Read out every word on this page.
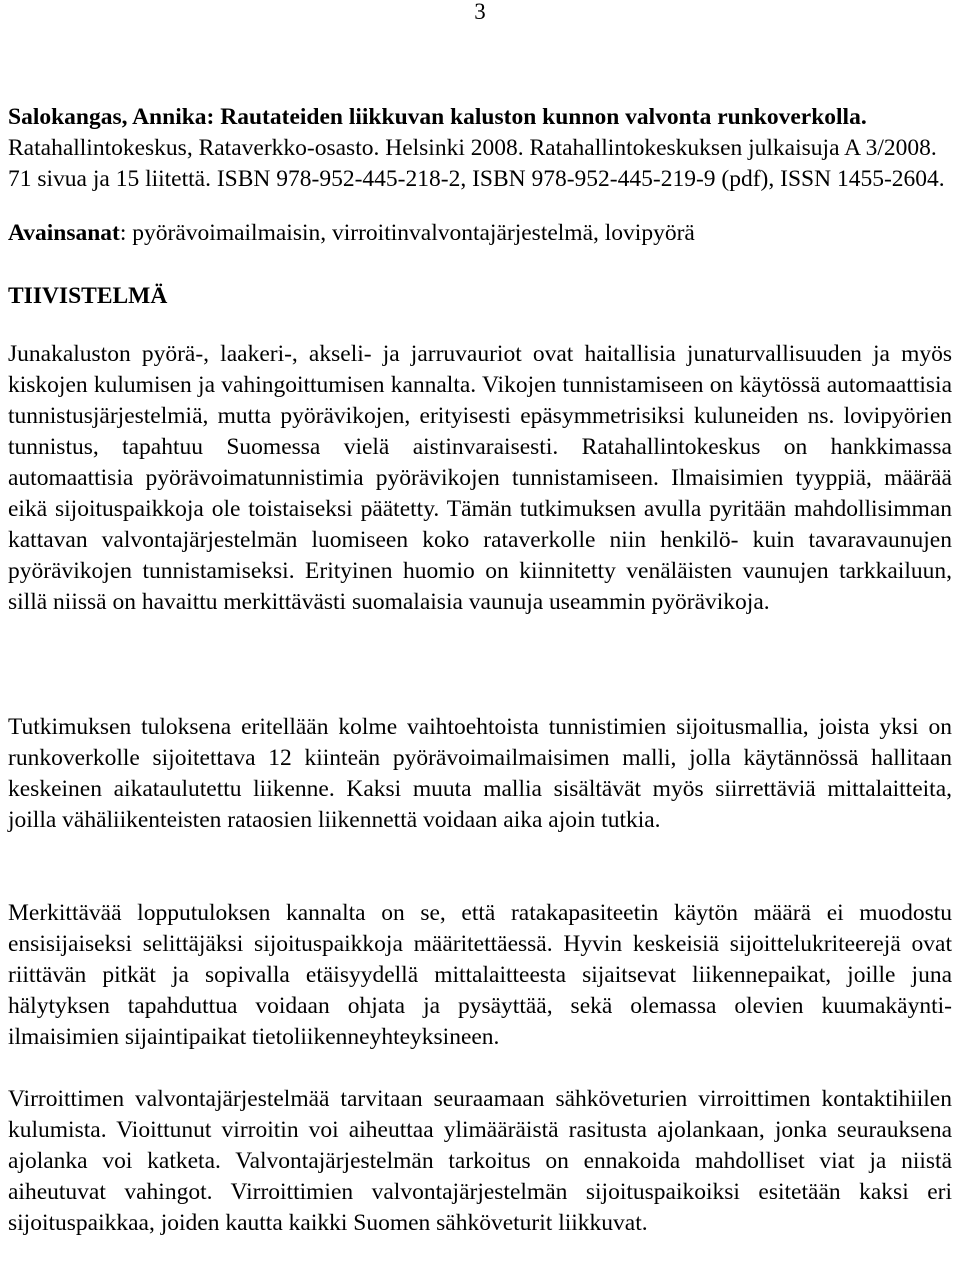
3
Salokangas, Annika: Rautateiden liikkuvan kaluston kunnon valvonta runkoverkolla. Ratahallintokeskus, Rataverkko-osasto. Helsinki 2008. Ratahallintokeskuksen julkaisuja A 3/2008. 71 sivua ja 15 liitettä. ISBN 978-952-445-218-2, ISBN 978-952-445-219-9 (pdf), ISSN 1455-2604.
Avainsanat: pyörävoimailmaisin, virroitinvalvontajärjestelmä, lovipyörä
TIIVISTELMÄ

Junakaluston pyörä-, laakeri-, akseli- ja jarruvauriot ovat haitallisia junaturvallisuuden ja myös kiskojen kulumisen ja vahingoittumisen kannalta. Vikojen tunnistamiseen on käytössä automaattisia tunnistusjärjestelmiä, mutta pyörävikojen, erityisesti epäsymmetrisiksi kuluneiden ns. lovipyörien tunnistus, tapahtuu Suomessa vielä aistinvaraisesti. Ratahallintokeskus on hankkimassa automaattisia pyörävoimatunnistimia pyörävikojen tunnistamiseen. Ilmaisimien tyyppiä, määrää eikä sijoituspaikkoja ole toistaiseksi päätetty. Tämän tutkimuksen avulla pyritään mahdollisimman kattavan valvontajärjestelmän luomiseen koko rataverkolle niin henkilö- kuin tavaravaunujen pyörävikojen tunnistamiseksi. Erityinen huomio on kiinnitetty venäläisten vaunujen tarkkailuun, sillä niissä on havaittu merkittävästi suomalaisia vaunuja useammin pyörävikoja.

Tutkimuksen tuloksena eritellään kolme vaihtoehtoista tunnistimien sijoitusmallia, joista yksi on runkoverkolle sijoitettava 12 kiinteän pyörävoimailmaisimen malli, jolla käytännössä hallitaan keskeinen aikataulutettu liikenne. Kaksi muuta mallia sisältävät myös siirrettäviä mittalaitteita, joilla vähäliikenteisten rataosien liikennettä voidaan aika ajoin tutkia.

Merkittävää lopputuloksen kannalta on se, että ratakapasiteetin käytön määrä ei muodostu ensisijaiseksi selittäjäksi sijoituspaikkoja määritettäessä. Hyvin keskeisiä sijoittelukriteerejä ovat riittävän pitkät ja sopivalla etäisyydellä mittalaitteesta sijaitsevat liikennepaikat, joille juna hälytyksen tapahduttua voidaan ohjata ja pysäyttää, sekä olemassa olevien kuumakäynti-ilmaisimien sijaintipaikat tietoliikenneyhteyksineen.

Virroittimen valvontajärjestelmää tarvitaan seuraamaan sähköveturien virroittimen kontaktihiilen kulumista. Vioittunut virroitin voi aiheuttaa ylimääräistä rasitusta ajolankaan, jonka seurauksena ajolanka voi katketa. Valvontajärjestelmän tarkoitus on ennakoida mahdolliset viat ja niistä aiheutuvat vahingot. Virroittimien valvontajärjestelmän sijoituspaikoiksi esitetään kaksi eri sijoituspaikkaa, joiden kautta kaikki Suomen sähköveturit liikkuvat.
